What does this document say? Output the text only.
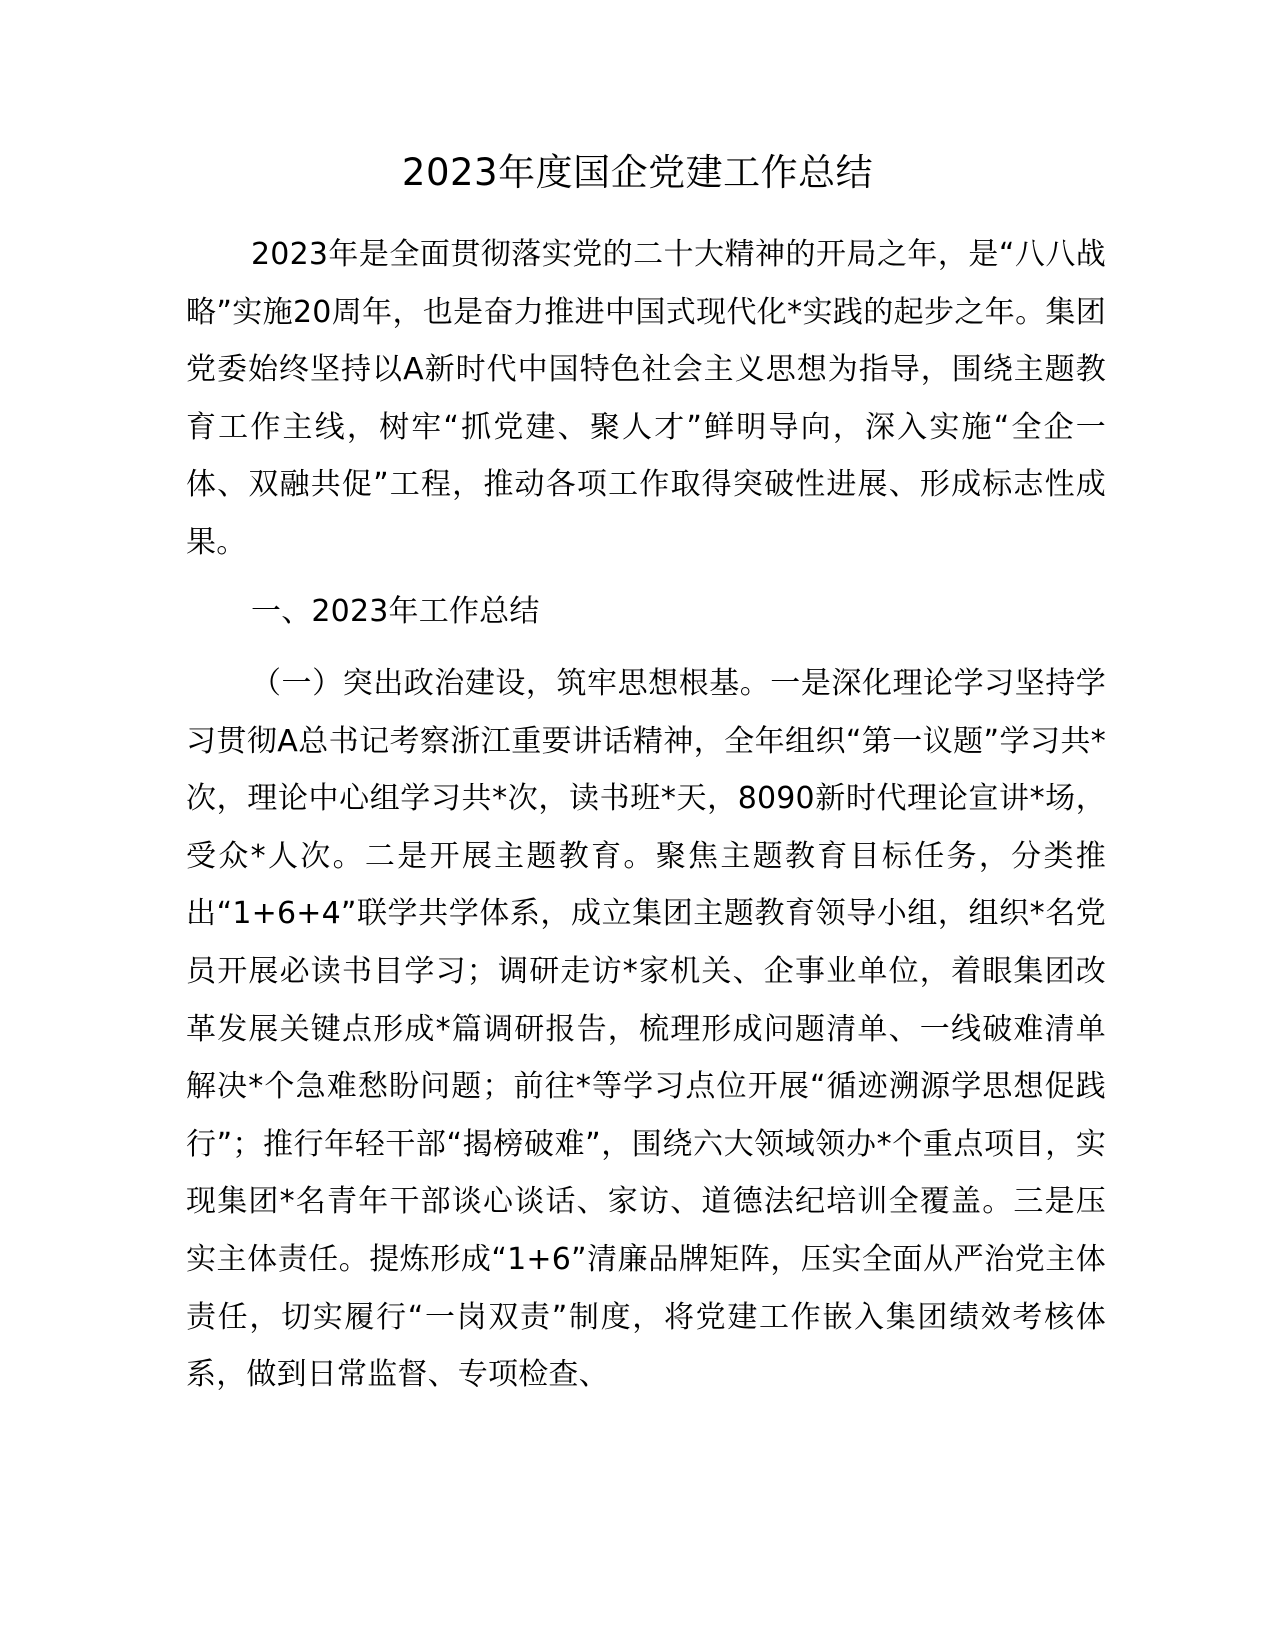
2023年度国企党建工作总结

2023年是全面贯彻落实党的二十大精神的开局之年，是“八八战略”实施20周年，也是奋力推进中国式现代化*实践的起步之年。集团党委始终坚持以A新时代中国特色社会主义思想为指导，围绕主题教育工作主线，树牢“抓党建、聚人才”鲜明导向，深入实施“全企一体、双融共促”工程，推动各项工作取得突破性进展、形成标志性成果。

一、2023年工作总结

（一）突出政治建设，筑牢思想根基。一是深化理论学习坚持学习贯彻A总书记考察浙江重要讲话精神，全年组织“第一议题”学习共*次，理论中心组学习共*次，读书班*天，8090新时代理论宣讲*场，受众*人次。二是开展主题教育。聚焦主题教育目标任务，分类推出“1+6+4”联学共学体系，成立集团主题教育领导小组，组织*名党员开展必读书目学习；调研走访*家机关、企事业单位，着眼集团改革发展关键点形成*篇调研报告，梳理形成问题清单、一线破难清单解决*个急难愁盼问题；前往*等学习点位开展“循迹溯源学思想促践行”；推行年轻干部“揭榜破难”，围绕六大领域领办*个重点项目，实现集团*名青年干部谈心谈话、家访、道德法纪培训全覆盖。三是压实主体责任。提炼形成“1+6”清廉品牌矩阵，压实全面从严治党主体责任，切实履行“一岗双责”制度，将党建工作嵌入集团绩效考核体系，做到日常监督、专项检查、
